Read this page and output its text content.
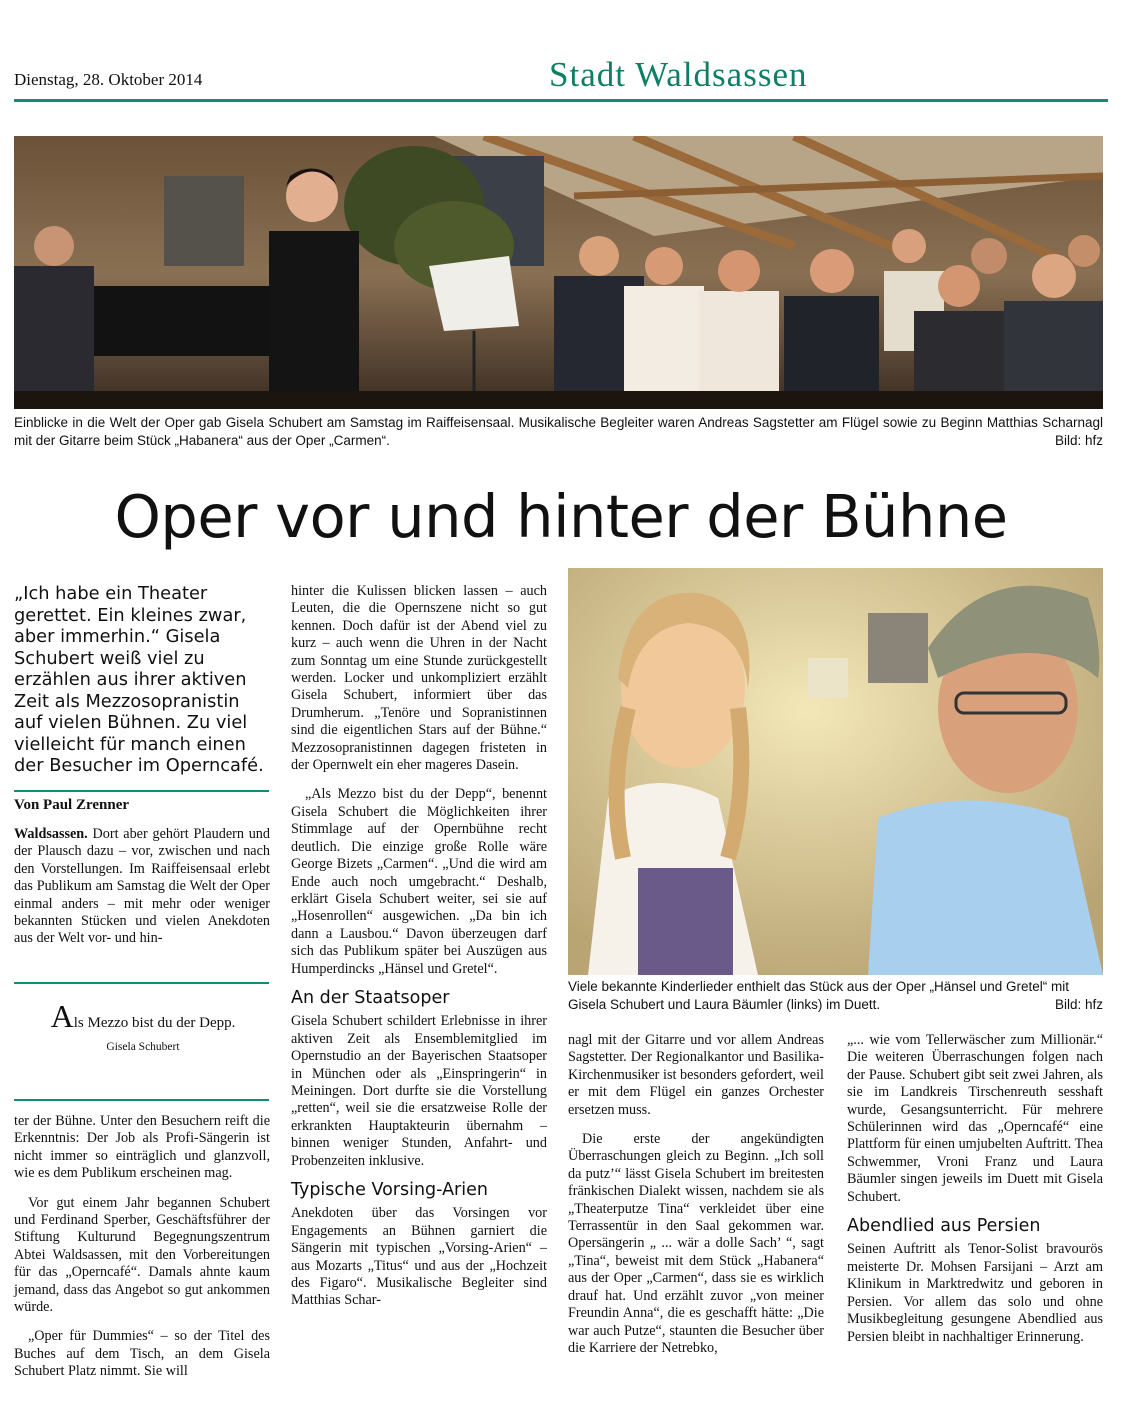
Dienstag, 28. Oktober 2014	Stadt Waldsassen
Einblicke in die Welt der Oper gab Gisela Schubert am Samstag im Raiffeisensaal. Musikalische Begleiter waren Andreas Sagstetter am Flügel sowie zu Beginn Matthias Scharnagl mit der Gitarre beim Stück „Habanera“ aus der Oper „Carmen“.	Bild: hfz
Oper vor und hinter der Bühne
„Ich habe ein Theater gerettet. Ein kleines zwar, aber immerhin.“ Gisela Schubert weiß viel zu erzählen aus ihrer aktiven Zeit als Mezzosopranistin auf vielen Bühnen. Zu viel vielleicht für manch einen der Besucher im Operncafé.
Von Paul Zrenner

Waldsassen. Dort aber gehört Plaudern und der Plausch dazu – vor, zwischen und nach den Vorstellungen. Im Raiffeisensaal erlebt das Publikum am Samstag die Welt der Oper einmal anders – mit mehr oder weniger bekannten Stücken und vielen Anekdoten aus der Welt vor- und hin-

Als Mezzo bist du der Depp.
Gisela Schubert

ter der Bühne. Unter den Besuchern reift die Erkenntnis: Der Job als Profi-Sängerin ist nicht immer so einträglich und glanzvoll, wie es dem Publikum erscheinen mag.

Vor gut einem Jahr begannen Schubert und Ferdinand Sperber, Geschäftsführer der Stiftung Kulturund Begegnungszentrum Abtei Waldsassen, mit den Vorbereitungen für das „Operncafé“. Damals ahnte kaum jemand, dass das Angebot so gut ankommen würde.

„Oper für Dummies“ – so der Titel des Buches auf dem Tisch, an dem Gisela Schubert Platz nimmt. Sie will

hinter die Kulissen blicken lassen – auch Leuten, die die Opernszene nicht so gut kennen. Doch dafür ist der Abend viel zu kurz – auch wenn die Uhren in der Nacht zum Sonntag um eine Stunde zurückgestellt werden. Locker und unkompliziert erzählt Gisela Schubert, informiert über das Drumherum. „Tenöre und Sopranistinnen sind die eigentlichen Stars auf der Bühne.“ Mezzosopranistinnen dagegen fristeten in der Opernwelt ein eher mageres Dasein.

„Als Mezzo bist du der Depp“, benennt Gisela Schubert die Möglichkeiten ihrer Stimmlage auf der Opernbühne recht deutlich. Die einzige große Rolle wäre George Bizets „Carmen“. „Und die wird am Ende auch noch umgebracht.“ Deshalb, erklärt Gisela Schubert weiter, sei sie auf „Hosenrollen“ ausgewichen. „Da bin ich dann a Lausbou.“ Davon überzeugen darf sich das Publikum später bei Auszügen aus Humperdincks „Hänsel und Gretel“.

An der Staatsoper

Gisela Schubert schildert Erlebnisse in ihrer aktiven Zeit als Ensemblemitglied im Opernstudio an der Bayerischen Staatsoper in München oder als „Einspringerin“ in Meiningen. Dort durfte sie die Vorstellung „retten“, weil sie die ersatzweise Rolle der erkrankten Hauptakteurin übernahm – binnen weniger Stunden, Anfahrt- und Probenzeiten inklusive.

Typische Vorsing-Arien

Anekdoten über das Vorsingen vor Engagements an Bühnen garniert die Sängerin mit typischen „Vorsing-Arien“ – aus Mozarts „Titus“ und aus der „Hochzeit des Figaro“. Musikalische Begleiter sind Matthias Schar-

Viele bekannte Kinderlieder enthielt das Stück aus der Oper „Hänsel und Gretel“ mit Gisela Schubert und Laura Bäumler (links) im Duett.	Bild: hfz

nagl mit der Gitarre und vor allem Andreas Sagstetter. Der Regionalkantor und Basilika-Kirchenmusiker ist besonders gefordert, weil er mit dem Flügel ein ganzes Orchester ersetzen muss.

Die erste der angekündigten Überraschungen gleich zu Beginn. „Ich soll da putz’“ lässt Gisela Schubert im breitesten fränkischen Dialekt wissen, nachdem sie als „Theaterputze Tina“ verkleidet über eine Terrassentür in den Saal gekommen war. Opersängerin „ ... wär a dolle Sach’ “, sagt „Tina“, beweist mit dem Stück „Habanera“ aus der Oper „Carmen“, dass sie es wirklich drauf hat. Und erzählt zuvor „von meiner Freundin Anna“, die es geschafft hätte: „Die war auch Putze“, staunten die Besucher über die Karriere der Netrebko,

„... wie vom Tellerwäscher zum Millionär.“ Die weiteren Überraschungen folgen nach der Pause. Schubert gibt seit zwei Jahren, als sie im Landkreis Tirschenreuth sesshaft wurde, Gesangsunterricht. Für mehrere Schülerinnen wird das „Operncafé“ eine Plattform für einen umjubelten Auftritt. Thea Schwemmer, Vroni Franz und Laura Bäumler singen jeweils im Duett mit Gisela Schubert.

Abendlied aus Persien

Seinen Auftritt als Tenor-Solist bravourös meisterte Dr. Mohsen Farsijani – Arzt am Klinikum in Marktredwitz und geboren in Persien. Vor allem das solo und ohne Musikbegleitung gesungene Abendlied aus Persien bleibt in nachhaltiger Erinnerung.
